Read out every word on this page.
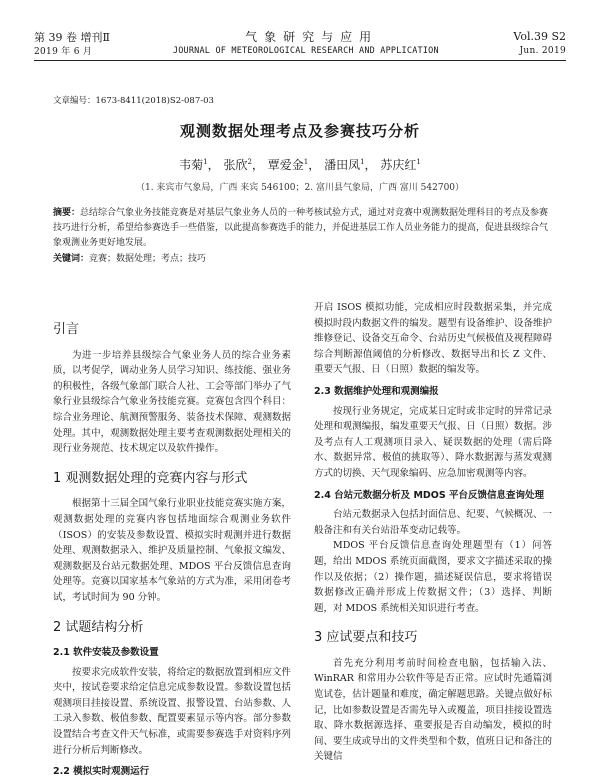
第 39 卷 增刊Ⅱ	气象研究与应用	Vol.39 S2
2019 年 6 月	JOURNAL OF METEOROLOGICAL RESEARCH AND APPLICATION	Jun. 2019
文章编号：1673-8411(2018)S2-087-03
观测数据处理考点及参赛技巧分析
韦菊$^1$， 张欣$^2$， 覃爱金$^1$， 潘田凤$^1$， 苏庆红$^1$
（1. 来宾市气象局，广西 来宾 546100；2. 富川县气象局，广西 富川 542700）
摘要：总结综合气象业务技能竞赛是对基层气象业务人员的一种考核试验方式，通过对竞赛中观测数据处理科目的考点及参赛技巧进行分析，希望给参赛选手一些借鉴，以此提高参赛选手的能力，并促进基层工作人员业务能力的提高，促进县级综合气象观测业务更好地发展。
关键词：竞赛；数据处理；考点；技巧
引言

为进一步培养县级综合气象业务人员的综合业务素质，以考促学，调动业务人员学习知识、练技能、强业务的积极性，各级气象部门联合人社、工会等部门举办了气象行业县级综合气象业务技能竞赛。竞赛包含四个科目：综合业务理论、航测预警服务、装备技术保障、观测数据处理。其中，观测数据处理主要考查观测数据处理相关的现行业务规范、技术规定以及软件操作。

1 观测数据处理的竞赛内容与形式

根据第十三届全国气象行业职业技能竞赛实施方案，观测数据处理的竞赛内容包括地面综合观测业务软件（ISOS）的安装及参数设置、模拟实时观测并进行数据处理、观测数据录入、维护及质量控制、气象报文编发、观测数据及台站元数据处理、MDOS 平台反馈信息查询处理等。竞赛以国家基本气象站的方式为准，采用闭卷考试，考试时间为 90 分钟。

2 试题结构分析
2.1 软件安装及参数设置

按要求完成软件安装，将给定的数据放置到相应文件夹中，按试卷要求给定信息完成参数设置。参数设置包括观测项目挂接设置、系统设置、报警设置、台站参数、人工录入参数、极值参数、配置要素显示等内容。部分参数设置结合考查文件天气标准，或需要参赛选手对资料序列进行分析后判断修改。

2.2 模拟实时观测运行

开启 ISOS 模拟功能，完成相应时段数据采集，并完成模拟时段内数据文件的编发。题型有设备维护、设备维护维修登记、设备交互命令、台站历史气候极值及视程障碍综合判断源值阈值的分析修改、数据导出和长 Z 文件、重要天气报、日（日照）数据的编发等。

2.3 数据维护处理和观测编报

按现行业务规定，完成某日定时或非定时的异常记录处理和观测编报，编发重要天气报、日（日照）数据。涉及考点有人工观测项目录入、疑误数据的处理（需后降水、数据异常、极值的挑取等）、降水数据源与蒸发观测方式的切换、天气现象编码、应急加密观测等内容。

2.4 台站元数据分析及 MDOS 平台反馈信息查询处理

台站元数据录入包括封面信息、纪要、气候概况、一般备注和有关台站沿革变动记载等。

MDOS 平台反馈信息查询处理题型有（1）问答题，给出 MDOS 系统页面截图，要求文字描述采取的操作以及依据；（2）操作题，描述疑误信息，要求将错误数据修改正确并形成上传数据文件；（3）选择、判断题，对 MDOS 系统相关知识进行考查。

3 应试要点和技巧

首先充分利用考前时间检查电脑，包括输入法、WinRAR 和常用办公软件等是否正常。应试时先通篇浏览试卷，估计题量和难度，确定解题思路。关键点做好标记，比如参数设置是否需先导入或覆盖，项目挂接设置选取、降水数据源选择、重要报是否自动编发，模拟的时间、要生成或导出的文件类型和个数，值班日记和备注的关键信
